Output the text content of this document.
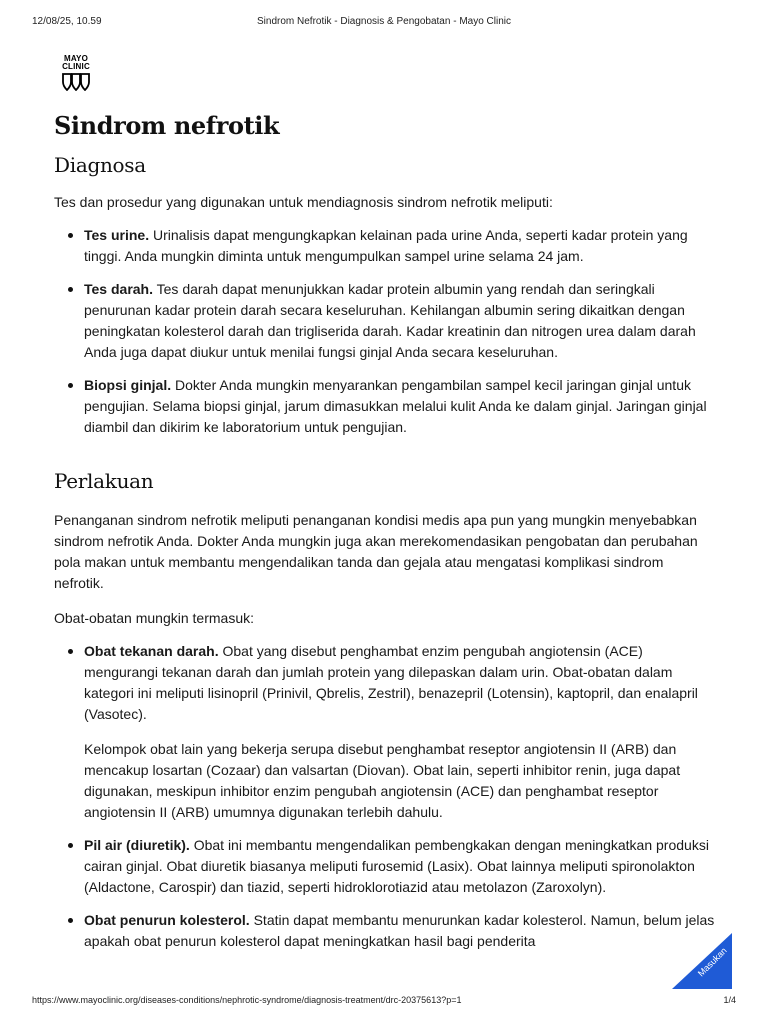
12/08/25, 10.59	Sindrom Nefrotik - Diagnosis & Pengobatan - Mayo Clinic
MAYO
CLINIC
Sindrom nefrotik
Diagnosa

Tes dan prosedur yang digunakan untuk mendiagnosis sindrom nefrotik meliputi:

Tes urine. Urinalisis dapat mengungkapkan kelainan pada urine Anda, seperti kadar protein yang tinggi. Anda mungkin diminta untuk mengumpulkan sampel urine selama 24 jam.
Tes darah. Tes darah dapat menunjukkan kadar protein albumin yang rendah dan seringkali penurunan kadar protein darah secara keseluruhan. Kehilangan albumin sering dikaitkan dengan peningkatan kolesterol darah dan trigliserida darah. Kadar kreatinin dan nitrogen urea dalam darah Anda juga dapat diukur untuk menilai fungsi ginjal Anda secara keseluruhan.
Biopsi ginjal. Dokter Anda mungkin menyarankan pengambilan sampel kecil jaringan ginjal untuk pengujian. Selama biopsi ginjal, jarum dimasukkan melalui kulit Anda ke dalam ginjal. Jaringan ginjal diambil dan dikirim ke laboratorium untuk pengujian.
Perlakuan

Penanganan sindrom nefrotik meliputi penanganan kondisi medis apa pun yang mungkin menyebabkan sindrom nefrotik Anda. Dokter Anda mungkin juga akan merekomendasikan pengobatan dan perubahan pola makan untuk membantu mengendalikan tanda dan gejala atau mengatasi komplikasi sindrom nefrotik.

Obat-obatan mungkin termasuk:

Obat tekanan darah. Obat yang disebut penghambat enzim pengubah angiotensin (ACE) mengurangi tekanan darah dan jumlah protein yang dilepaskan dalam urin. Obat-obatan dalam kategori ini meliputi lisinopril (Prinivil, Qbrelis, Zestril), benazepril (Lotensin), kaptopril, dan enalapril (Vasotec).

Kelompok obat lain yang bekerja serupa disebut penghambat reseptor angiotensin II (ARB) dan mencakup losartan (Cozaar) dan valsartan (Diovan). Obat lain, seperti inhibitor renin, juga dapat digunakan, meskipun inhibitor enzim pengubah angiotensin (ACE) dan penghambat reseptor angiotensin II (ARB) umumnya digunakan terlebih dahulu.

Pil air (diuretik). Obat ini membantu mengendalikan pembengkakan dengan meningkatkan produksi cairan ginjal. Obat diuretik biasanya meliputi furosemid (Lasix). Obat lainnya meliputi spironolakton (Aldactone, Carospir) dan tiazid, seperti hidroklorotiazid atau metolazon (Zaroxolyn).
Obat penurun kolesterol. Statin dapat membantu menurunkan kadar kolesterol. Namun, belum jelas apakah obat penurun kolesterol dapat meningkatkan hasil bagi penderita
Masukan
https://www.mayoclinic.org/diseases-conditions/nephrotic-syndrome/diagnosis-treatment/drc-20375613?p=1	1/4
